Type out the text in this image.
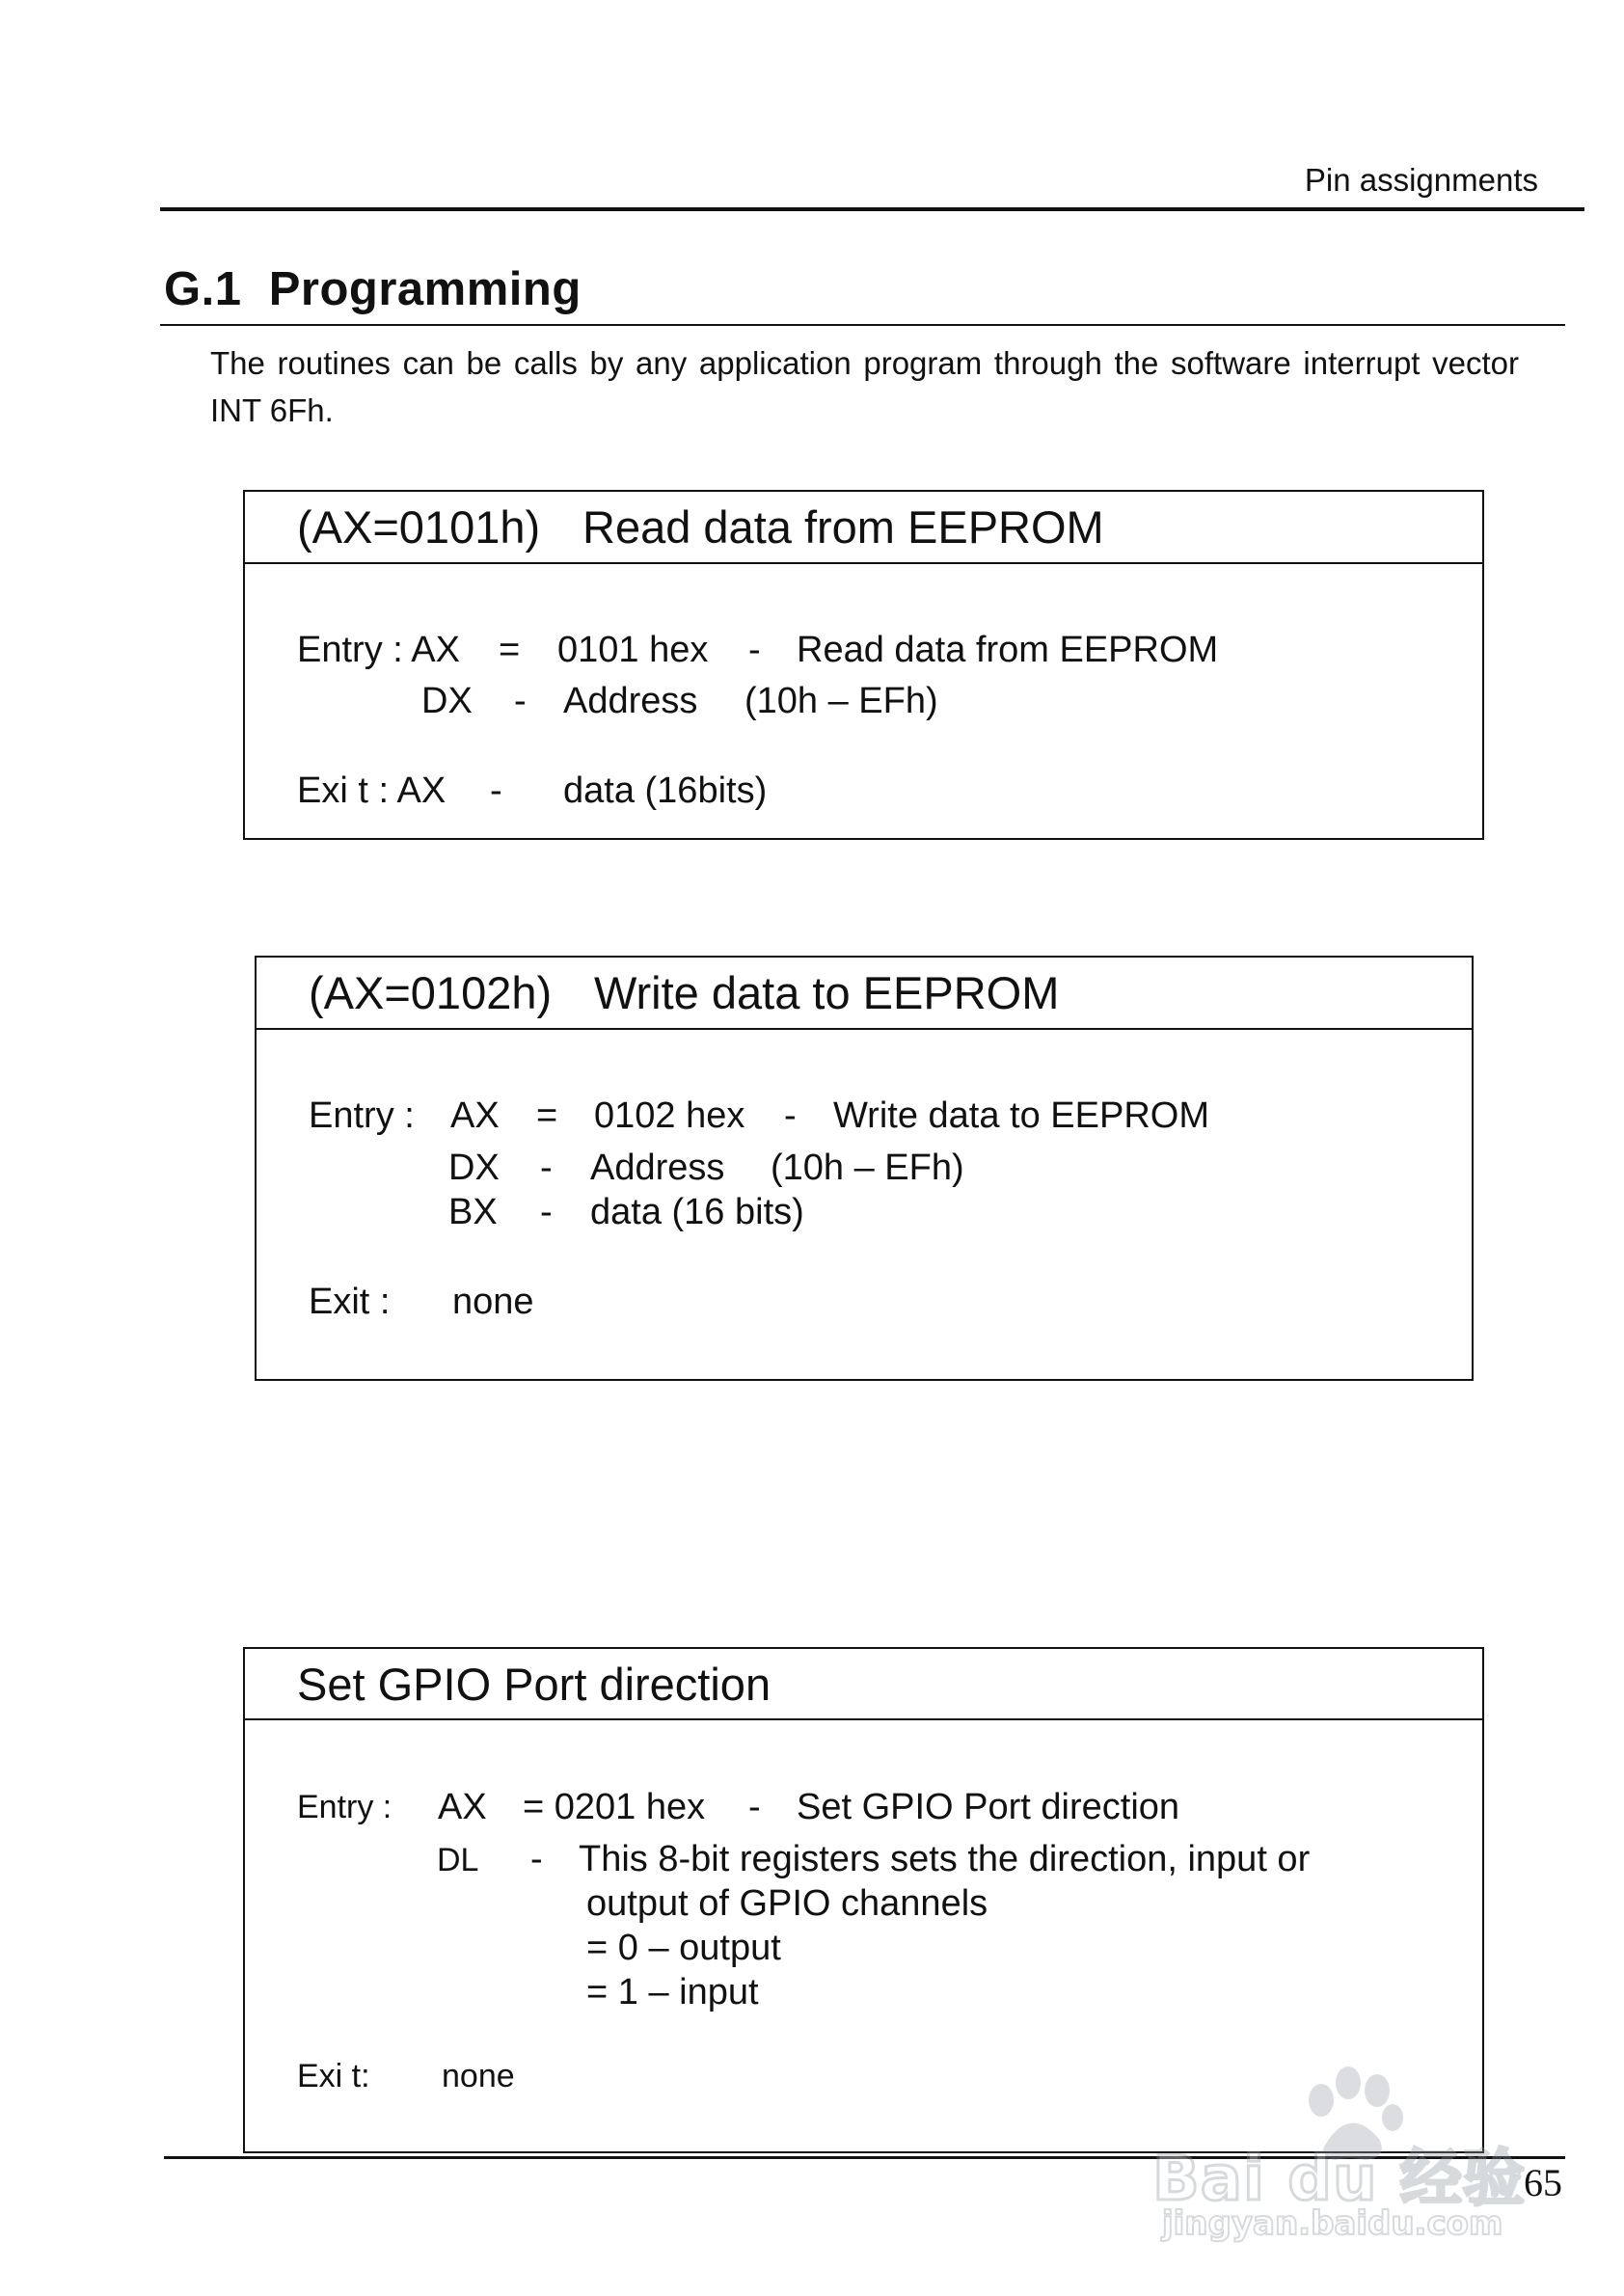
Pin assignments
G.1  Programming
The routines can be calls by any application program through the software interrupt vector INT 6Fh.
(AX=0101h) Read data from EEPROM
Entry : AX = 0101 hex - Read data from EEPROM
DX - Address (10h – EFh)
Exi t : AX - data (16bits)
(AX=0102h) Write data to EEPROM
Entry : AX = 0102 hex - Write data to EEPROM
DX - Address (10h – EFh)
BX - data (16 bits)
Exit : none
Set GPIO Port direction
Entry : AX = 0201 hex - Set GPIO Port direction
DL - This 8-bit registers sets the direction, input or
output of GPIO channels
= 0 – output
= 1 – input
Exi t: none
65
Bai du 经验
jingyan.baidu.com
